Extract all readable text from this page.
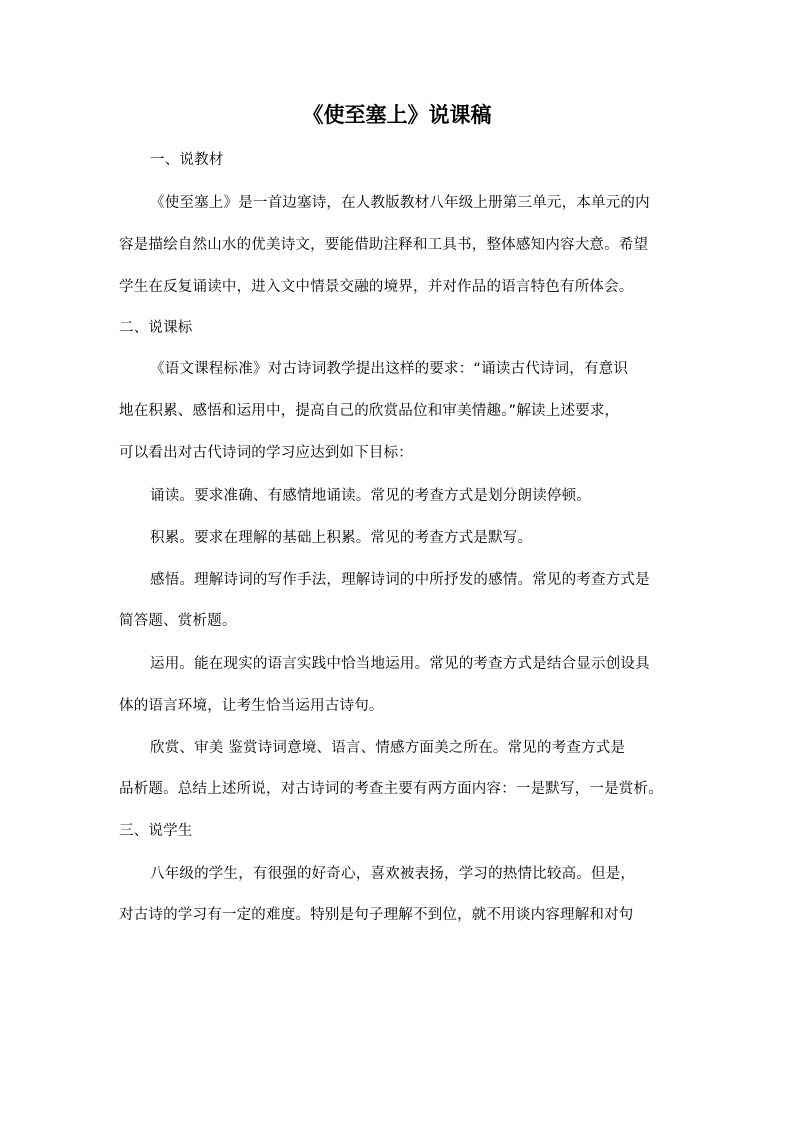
《使至塞上》说课稿
一、说教材
《使至塞上》是一首边塞诗，在人教版教材八年级上册第三单元，本单元的内
容是描绘自然山水的优美诗文，要能借助注释和工具书，整体感知内容大意。希望
学生在反复诵读中，进入文中情景交融的境界，并对作品的语言特色有所体会。
二、说课标
《语文课程标准》对古诗词教学提出这样的要求：“诵读古代诗词，有意识
地在积累、感悟和运用中，提高自己的欣赏品位和审美情趣。”解读上述要求，
可以看出对古代诗词的学习应达到如下目标：
诵读。要求准确、有感情地诵读。常见的考查方式是划分朗读停顿。
积累。要求在理解的基础上积累。常见的考查方式是默写。
感悟。理解诗词的写作手法，理解诗词的中所抒发的感情。常见的考查方式是
简答题、赏析题。
运用。能在现实的语言实践中恰当地运用。常见的考查方式是结合显示创设具
体的语言环境，让考生恰当运用古诗句。
欣赏、审美 鉴赏诗词意境、语言、情感方面美之所在。常见的考查方式是
品析题。总结上述所说，对古诗词的考查主要有两方面内容：一是默写，一是赏析。
三、说学生
八年级的学生，有很强的好奇心，喜欢被表扬，学习的热情比较高。但是，
对古诗的学习有一定的难度。特别是句子理解不到位，就不用谈内容理解和对句
